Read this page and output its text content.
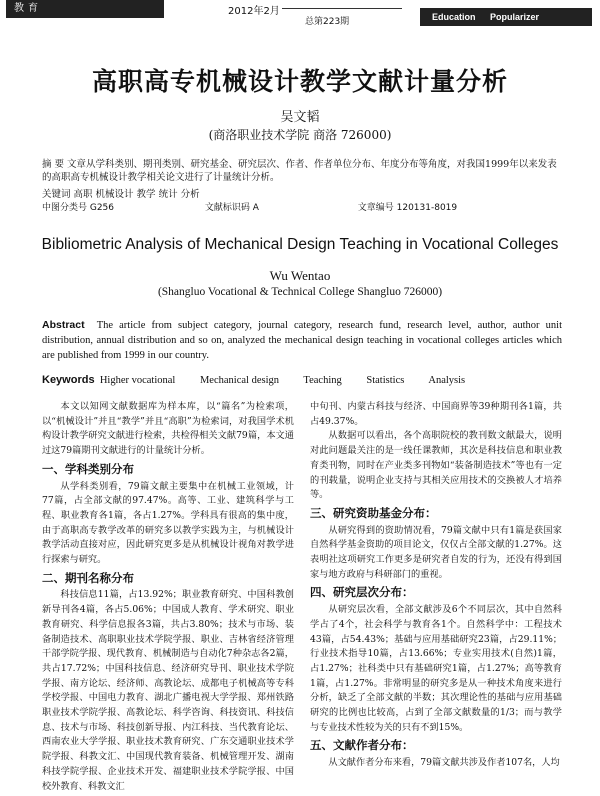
教育	2012年2月
总第223期	Education Popularizer
高职高专机械设计教学文献计量分析
吴文韬
(商洛职业技术学院 商洛 726000)
摘 要 文章从学科类别、期刊类别、研究基金、研究层次、作者、作者单位分布、年度分布等角度，对我国1999年以来发表的高职高专机械设计教学相关论文进行了计量统计分析。
关键词 高职 机械设计 教学 统计 分析
中图分类号 G256	文献标识码 A	文章编号 120131-8019
Bibliometric Analysis of Mechanical Design Teaching in Vocational Colleges
Wu Wentao
(Shangluo Vocational & Technical College Shangluo 726000)
Abstract The article from subject category, journal category, research fund, research level, author, author unit distribution, annual distribution and so on, analyzed the mechanical design teaching in vocational colleges articles which are published from 1999 in our country.
Keywords Higher vocational Mechanical design Teaching Statistics Analysis

本文以知网文献数据库为样本库，以“篇名”为检索项，以“机械设计”并且“教学”并且“高职”为检索词，对我国学术机构设计教学研究文献进行检索，共检得相关文献79篇，本文通过这79篇期刊文献进行的计量统计分析。

一、学科类别分布

从学科类别看，79篇文献主要集中在机械工业领域，计77篇，占全部文献的97.47%。高等、工业、建筑科学与工程、职业教育各1篇，各占1.27%。学科具有很高的集中度，由于高职高专教学改革的研究多以教学实践为主，与机械设计教学活动直接对应，因此研究更多是从机械设计视角对教学进行探索与研究。

二、期刊名称分布

科技信息11篇，占13.92%；职业教育研究、中国科教创新导刊各4篇，各占5.06%；中国成人教育、学术研究、职业教育研究、科学信息报各3篇，共占3.80%；技术与市场、装备制造技术、高职职业技术学院学报、职业、吉林省经济管理干部学院学报、现代教育、机械制造与自动化7种杂志各2篇，共占17.72%；中国科技信息、经济研究导刊、职业技术学院学报、南方论坛、经济师、高教论坛、成都电子机械高等专科学校学报、中国电力教育、湖北广播电视大学学报、郑州铁路职业技术学院学报、高教论坛、科学咨询、科技资讯、科技信息、技术与市场、科技创新导报、内江科技、当代教育论坛、西南农业大学学报、职业技术教育研究、广东交通职业技术学院学报、科教文汇、中国现代教育装备、机械管理开发、湖南科技学院学报、企业技术开发、福建职业技术学院学报、中国校外教育、科教文汇

中旬刊、内蒙古科技与经济、中国商界等39种期刊各1篇，共占49.37%。

从数据可以看出，各个高职院校的教刊数文献最大，说明对此问题最关注的是一线任课教师，其次是科技信息和职业教育类刊物，同时在产业类多刊物如“装备制造技术”等也有一定的刊载量，说明企业支持与其相关应用技术的交换被人才培养等。

三、研究资助基金分布：

从研究得到的资助情况看，79篇文献中只有1篇是获国家自然科学基金资助的项目论文，仅仅占全部文献的1.27%。这表明社这项研究工作更多是研究者自发的行为，还没有得到国家与地方政府与科研部门的重视。

四、研究层次分布：

从研究层次看，全部文献涉及6个不同层次，其中自然科学占了4个，社会科学与教育各1个。自然科学中：工程技术43篇，占54.43%；基础与应用基础研究23篇，占29.11%；行业技术指导10篇，占13.66%；专业实用技术(自然)1篇，占1.27%；社科类中只有基础研究1篇，占1.27%；高等教育1篇，占1.27%。非常明显的研究多是从一种技术角度来进行分析，缺乏了全部文献的半数；其次理论性的基础与应用基础研究的比例也比较高，占到了全部文献数量的1/3；而与教学与专业技术性较为关的只有不到15%。

五、文献作者分布：

从文献作者分布来看，79篇文献共涉及作者107名，人均
